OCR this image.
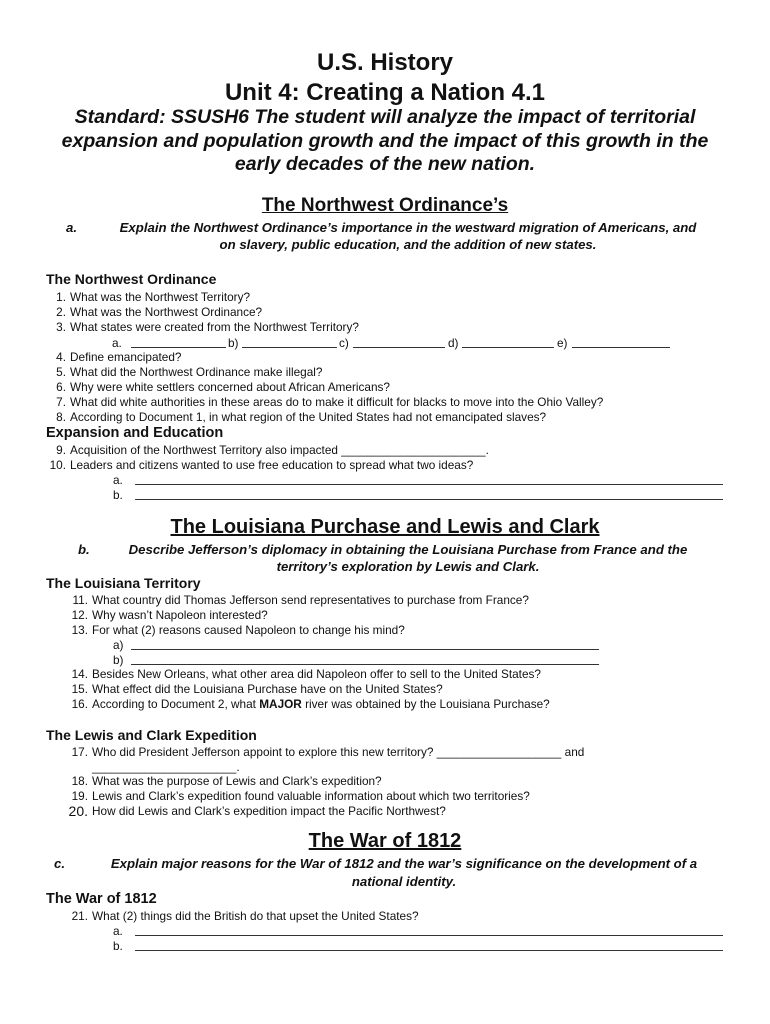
U.S. History
Unit 4: Creating a Nation 4.1
Standard: SSUSH6 The student will analyze the impact of territorial expansion and population growth and the impact of this growth in the early decades of the new nation.
The Northwest Ordinance’s
a.	Explain the Northwest Ordinance’s importance in the westward migration of Americans, and
on slavery, public education, and the addition of new states.
The Northwest Ordinance
1. What was the Northwest Territory?
2. What was the Northwest Ordinance?
3. What states were created from the Northwest Territory?
a.	b)	c)	d)	e)
4. Define emancipated?
5. What did the Northwest Ordinance make illegal?
6. Why were white settlers concerned about African Americans?
7. What did white authorities in these areas do to make it difficult for blacks to move into the Ohio Valley?
8. According to Document 1, in what region of the United States had not emancipated slaves?
Expansion and Education
9. Acquisition of the Northwest Territory also impacted ______________________.
10. Leaders and citizens wanted to use free education to spread what two ideas?
a.
b.
The Louisiana Purchase and Lewis and Clark
b.	Describe Jefferson’s diplomacy in obtaining the Louisiana Purchase from France and the
territory’s exploration by Lewis and Clark.
The Louisiana Territory
11. What country did Thomas Jefferson send representatives to purchase from France?
12. Why wasn’t Napoleon interested?
13. For what (2) reasons caused Napoleon to change his mind?
a)
b)
14. Besides New Orleans, what other area did Napoleon offer to sell to the United States?
15. What effect did the Louisiana Purchase have on the United States?
16. According to Document 2, what MAJOR river was obtained by the Louisiana Purchase?
The Lewis and Clark Expedition
17. Who did President Jefferson appoint to explore this new territory? ___________________ and
______________________.
18. What was the purpose of Lewis and Clark’s expedition?
19. Lewis and Clark’s expedition found valuable information about which two territories?
20. How did Lewis and Clark’s expedition impact the Pacific Northwest?
The War of 1812
c.	Explain major reasons for the War of 1812 and the war’s significance on the development of a
national identity.
The War of 1812
21. What (2) things did the British do that upset the United States?
a.
b.
